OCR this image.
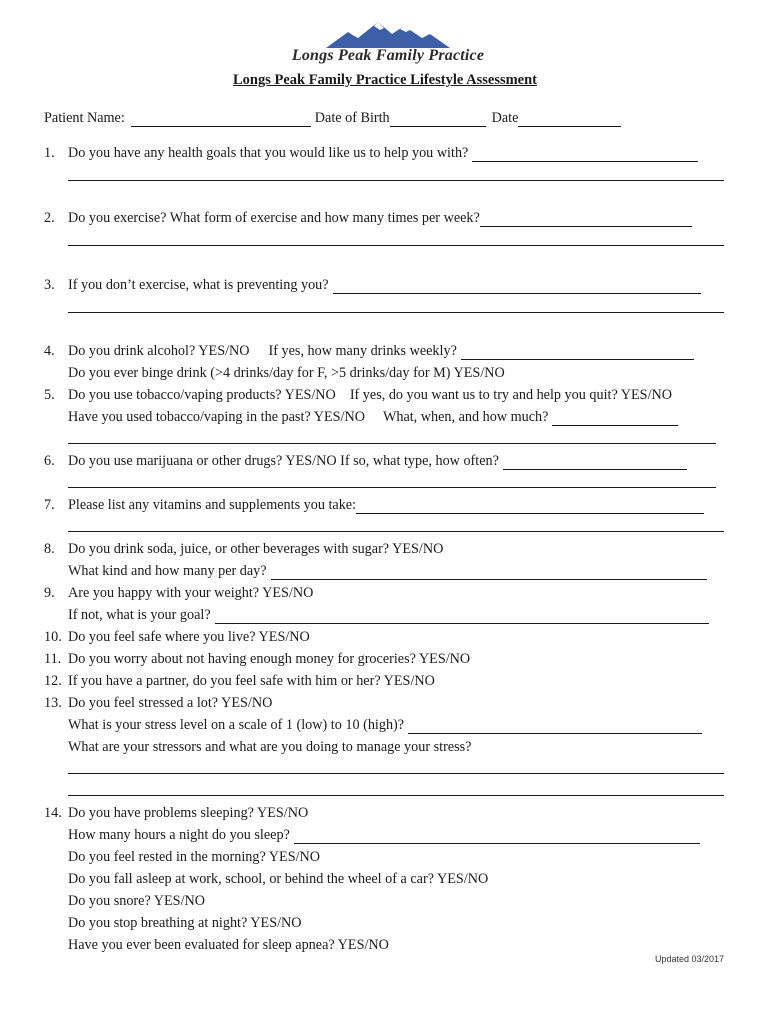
Longs Peak Family Practice
Longs Peak Family Practice Lifestyle Assessment
Patient Name:	Date of Birth	Date
1. Do you have any health goals that you would like us to help you with?
2. Do you exercise? What form of exercise and how many times per week?
3. If you don’t exercise, what is preventing you?
4. Do you drink alcohol? YES/NO If yes, how many drinks weekly?
Do you ever binge drink (>4 drinks/day for F, >5 drinks/day for M) YES/NO
5. Do you use tobacco/vaping products? YES/NO If yes, do you want us to try and help you quit? YES/NO
Have you used tobacco/vaping in the past? YES/NO What, when, and how much?
6. Do you use marijuana or other drugs? YES/NO If so, what type, how often?
7. Please list any vitamins and supplements you take:
8. Do you drink soda, juice, or other beverages with sugar? YES/NO
What kind and how many per day?
9. Are you happy with your weight? YES/NO
If not, what is your goal?
10. Do you feel safe where you live? YES/NO
11. Do you worry about not having enough money for groceries? YES/NO
12. If you have a partner, do you feel safe with him or her? YES/NO
13. Do you feel stressed a lot? YES/NO
What is your stress level on a scale of 1 (low) to 10 (high)?
What are your stressors and what are you doing to manage your stress?
14. Do you have problems sleeping? YES/NO
How many hours a night do you sleep?
Do you feel rested in the morning? YES/NO
Do you fall asleep at work, school, or behind the wheel of a car? YES/NO
Do you snore? YES/NO
Do you stop breathing at night? YES/NO
Have you ever been evaluated for sleep apnea? YES/NO
Updated 03/2017
